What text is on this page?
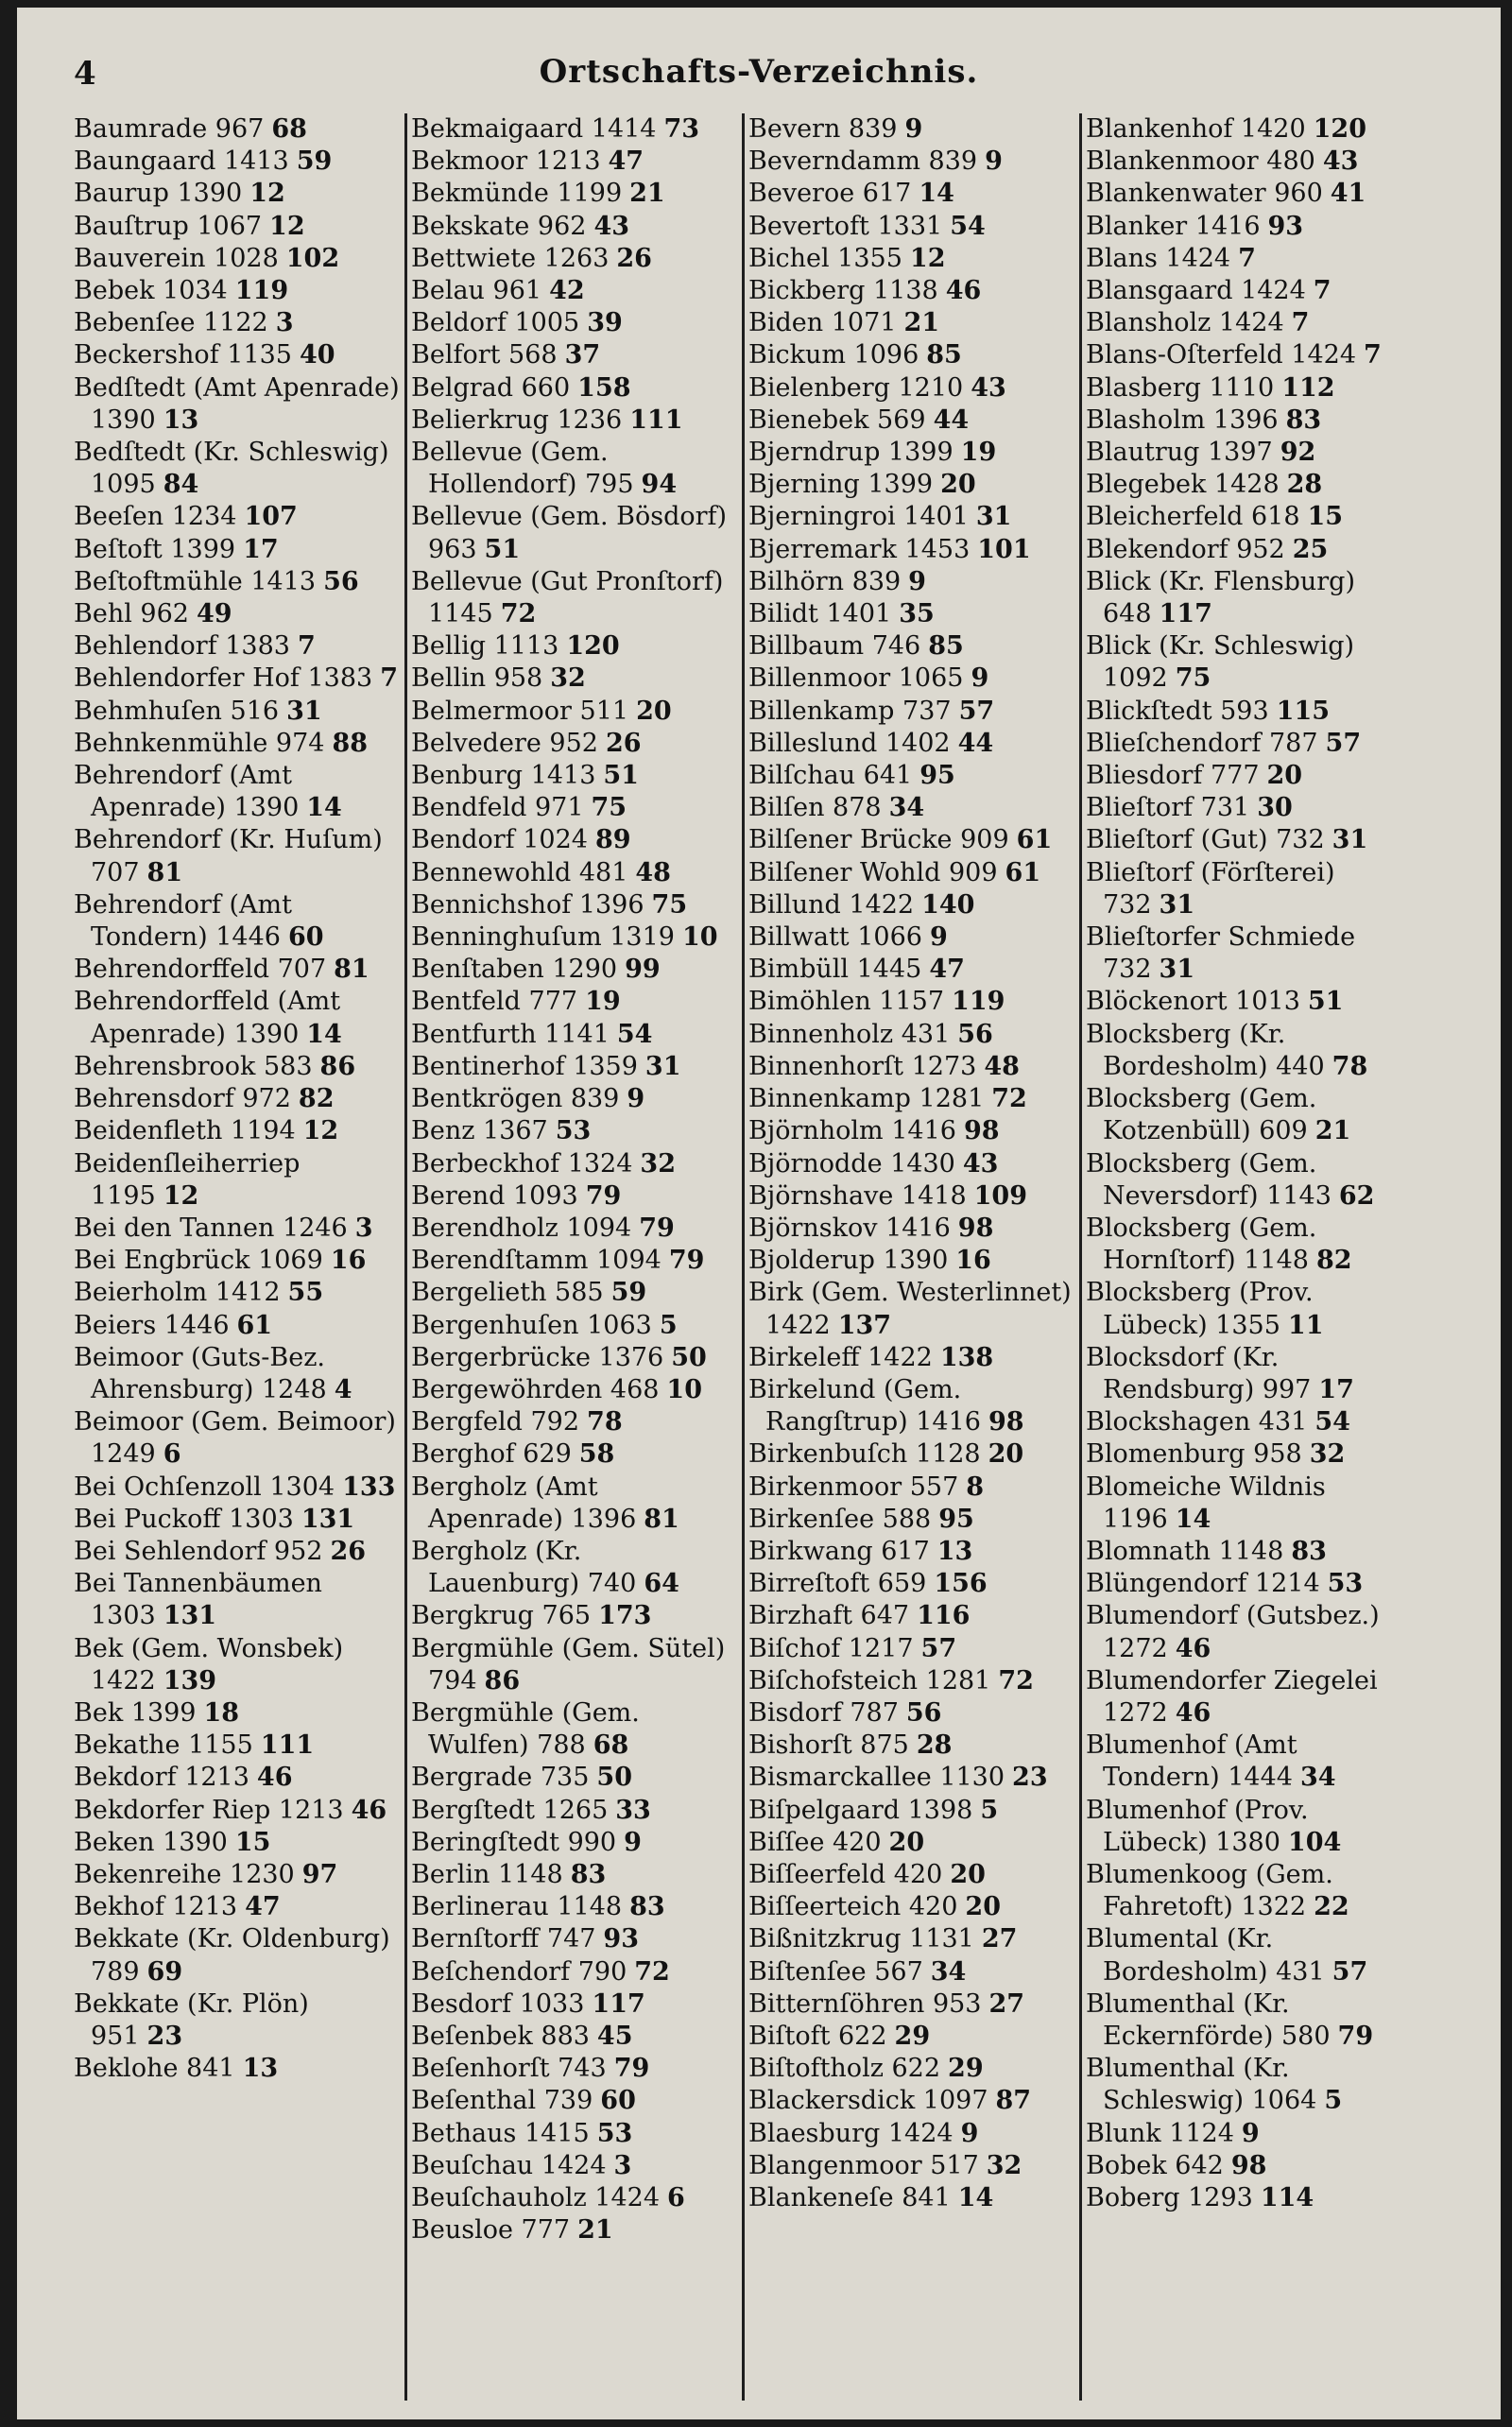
4	Ortschafts-Verzeichnis.

Baumrade 967 68

Baungaard 1413 59

Baurup 1390 12

Bauſtrup 1067 12

Bauverein 1028 102

Bebek 1034 119

Bebenſee 1122 3

Beckershof 1135 40

Bedſtedt (Amt Apenrade) 1390 13

Bedſtedt (Kr. Schleswig) 1095 84

Beeſen 1234 107

Beſtoft 1399 17

Beſtoftmühle 1413 56

Behl 962 49

Behlendorf 1383 7

Behlendorfer Hof 1383 7

Behmhuſen 516 31

Behnkenmühle 974 88

Behrendorf (Amt Apenrade) 1390 14

Behrendorf (Kr. Huſum) 707 81

Behrendorf (Amt Tondern) 1446 60

Behrendorffeld 707 81

Behrendorffeld (Amt Apenrade) 1390 14

Behrensbrook 583 86

Behrensdorf 972 82

Beidenfleth 1194 12

Beidenſleiherriep 1195 12

Bei den Tannen 1246 3

Bei Engbrück 1069 16

Beierholm 1412 55

Beiers 1446 61

Beimoor (Guts-Bez. Ahrensburg) 1248 4

Beimoor (Gem. Beimoor) 1249 6

Bei Ochſenzoll 1304 133

Bei Puckoff 1303 131

Bei Sehlendorf 952 26

Bei Tannenbäumen 1303 131

Bek (Gem. Wonsbek) 1422 139

Bek 1399 18

Bekathe 1155 111

Bekdorf 1213 46

Bekdorfer Riep 1213 46

Beken 1390 15

Bekenreihe 1230 97

Bekhof 1213 47

Bekkate (Kr. Oldenburg) 789 69

Bekkate (Kr. Plön) 951 23

Beklohe 841 13

Bekmaigaard 1414 73

Bekmoor 1213 47

Bekmünde 1199 21

Bekskate 962 43

Bettwiete 1263 26

Belau 961 42

Beldorf 1005 39

Belfort 568 37

Belgrad 660 158

Belierkrug 1236 111

Bellevue (Gem. Hollendorf) 795 94

Bellevue (Gem. Bösdorf) 963 51

Bellevue (Gut Pronſtorf) 1145 72

Bellig 1113 120

Bellin 958 32

Belmermoor 511 20

Belvedere 952 26

Benburg 1413 51

Bendfeld 971 75

Bendorf 1024 89

Bennewohld 481 48

Bennichshof 1396 75

Benninghuſum 1319 10

Benſtaben 1290 99

Bentfeld 777 19

Bentfurth 1141 54

Bentinerhof 1359 31

Bentkrögen 839 9

Benz 1367 53

Berbeckhof 1324 32

Berend 1093 79

Berendholz 1094 79

Berendſtamm 1094 79

Bergelieth 585 59

Bergenhuſen 1063 5

Bergerbrücke 1376 50

Bergewöhrden 468 10

Bergfeld 792 78

Berghof 629 58

Bergholz (Amt Apenrade) 1396 81

Bergholz (Kr. Lauenburg) 740 64

Bergkrug 765 173

Bergmühle (Gem. Sütel) 794 86

Bergmühle (Gem. Wulfen) 788 68

Bergrade 735 50

Bergſtedt 1265 33

Beringſtedt 990 9

Berlin 1148 83

Berlinerau 1148 83

Bernſtorff 747 93

Beſchendorf 790 72

Besdorf 1033 117

Beſenbek 883 45

Beſenhorſt 743 79

Beſenthal 739 60

Bethaus 1415 53

Beuſchau 1424 3

Beuſchauholz 1424 6

Beusloe 777 21

Bevern 839 9

Beverndamm 839 9

Beveroe 617 14

Bevertoft 1331 54

Bichel 1355 12

Bickberg 1138 46

Biden 1071 21

Bickum 1096 85

Bielenberg 1210 43

Bienebek 569 44

Bjerndrup 1399 19

Bjerning 1399 20

Bjerningroi 1401 31

Bjerremark 1453 101

Bilhörn 839 9

Bilidt 1401 35

Billbaum 746 85

Billenmoor 1065 9

Billenkamp 737 57

Billeslund 1402 44

Bilſchau 641 95

Bilſen 878 34

Bilſener Brücke 909 61

Bilſener Wohld 909 61

Billund 1422 140

Billwatt 1066 9

Bimbüll 1445 47

Bimöhlen 1157 119

Binnenholz 431 56

Binnenhorſt 1273 48

Binnenkamp 1281 72

Björnholm 1416 98

Björnodde 1430 43

Björnshave 1418 109

Björnskov 1416 98

Bjolderup 1390 16

Birk (Gem. Westerlinnet) 1422 137

Birkeleff 1422 138

Birkelund (Gem. Rangſtrup) 1416 98

Birkenbuſch 1128 20

Birkenmoor 557 8

Birkenſee 588 95

Birkwang 617 13

Birreſtoft 659 156

Birzhaft 647 116

Biſchof 1217 57

Biſchofsteich 1281 72

Bisdorf 787 56

Bishorſt 875 28

Bismarckallee 1130 23

Biſpelgaard 1398 5

Biſſee 420 20

Biſſeerfeld 420 20

Biſſeerteich 420 20

Bißnitzkrug 1131 27

Biſtenſee 567 34

Bitternſöhren 953 27

Biſtoft 622 29

Biſtoftholz 622 29

Blackersdick 1097 87

Blaesburg 1424 9

Blangenmoor 517 32

Blankeneſe 841 14

Blankenhof 1420 120

Blankenmoor 480 43

Blankenwater 960 41

Blanker 1416 93

Blans 1424 7

Blansgaard 1424 7

Blansholz 1424 7

Blans-Oſterfeld 1424 7

Blasberg 1110 112

Blasholm 1396 83

Blautrug 1397 92

Blegebek 1428 28

Bleicherfeld 618 15

Blekendorf 952 25

Blick (Kr. Flensburg) 648 117

Blick (Kr. Schleswig) 1092 75

Blickſtedt 593 115

Blieſchendorf 787 57

Bliesdorf 777 20

Blieſtorf 731 30

Blieſtorf (Gut) 732 31

Blieſtorf (Förſterei) 732 31

Blieſtorfer Schmiede 732 31

Blöckenort 1013 51

Blocksberg (Kr. Bordesholm) 440 78

Blocksberg (Gem. Kotzenbüll) 609 21

Blocksberg (Gem. Neversdorf) 1143 62

Blocksberg (Gem. Hornſtorf) 1148 82

Blocksberg (Prov. Lübeck) 1355 11

Blocksdorf (Kr. Rendsburg) 997 17

Blockshagen 431 54

Blomenburg 958 32

Blomeiche Wildnis 1196 14

Blomnath 1148 83

Blüngendorf 1214 53

Blumendorf (Gutsbez.) 1272 46

Blumendorfer Ziegelei 1272 46

Blumenhof (Amt Tondern) 1444 34

Blumenhof (Prov. Lübeck) 1380 104

Blumenkoog (Gem. Fahretoft) 1322 22

Blumental (Kr. Bordesholm) 431 57

Blumenthal (Kr. Eckernförde) 580 79

Blumenthal (Kr. Schleswig) 1064 5

Blunk 1124 9

Bobek 642 98

Boberg 1293 114
